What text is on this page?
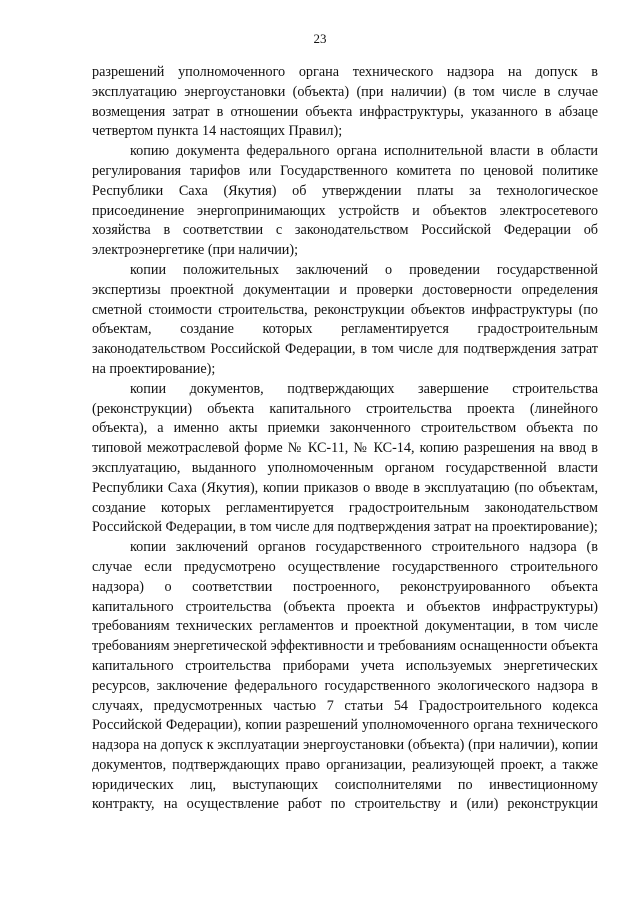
23

разрешений уполномоченного органа технического надзора на допуск в эксплуатацию энергоустановки (объекта) (при наличии) (в том числе в случае возмещения затрат в отношении объекта инфраструктуры, указанного в абзаце четвертом пункта 14 настоящих Правил);

копию документа федерального органа исполнительной власти в области регулирования тарифов или Государственного комитета по ценовой политике Республики Саха (Якутия) об утверждении платы за технологическое присоединение энергопринимающих устройств и объектов электросетевого хозяйства в соответствии с законодательством Российской Федерации об электроэнергетике (при наличии);

копии положительных заключений о проведении государственной экспертизы проектной документации и проверки достоверности определения сметной стоимости строительства, реконструкции объектов инфраструктуры (по объектам, создание которых регламентируется градостроительным законодательством Российской Федерации, в том числе для подтверждения затрат на проектирование);

копии документов, подтверждающих завершение строительства (реконструкции) объекта капитального строительства проекта (линейного объекта), а именно акты приемки законченного строительством объекта по типовой межотраслевой форме № КС-11, № КС-14, копию разрешения на ввод в эксплуатацию, выданного уполномоченным органом государственной власти Республики Саха (Якутия), копии приказов о вводе в эксплуатацию (по объектам, создание которых регламентируется градостроительным законодательством Российской Федерации, в том числе для подтверждения затрат на проектирование);

копии заключений органов государственного строительного надзора (в случае если предусмотрено осуществление государственного строительного надзора) о соответствии построенного, реконструированного объекта капитального строительства (объекта проекта и объектов инфраструктуры) требованиям технических регламентов и проектной документации, в том числе требованиям энергетической эффективности и требованиям оснащенности объекта капитального строительства приборами учета используемых энергетических ресурсов, заключение федерального государственного экологического надзора в случаях, предусмотренных частью 7 статьи 54 Градостроительного кодекса Российской Федерации), копии разрешений уполномоченного органа технического надзора на допуск к эксплуатации энергоустановки (объекта) (при наличии), копии документов, подтверждающих право организации, реализующей проект, а также юридических лиц, выступающих соисполнителями по инвестиционному контракту, на осуществление работ по строительству и (или) реконструкции
